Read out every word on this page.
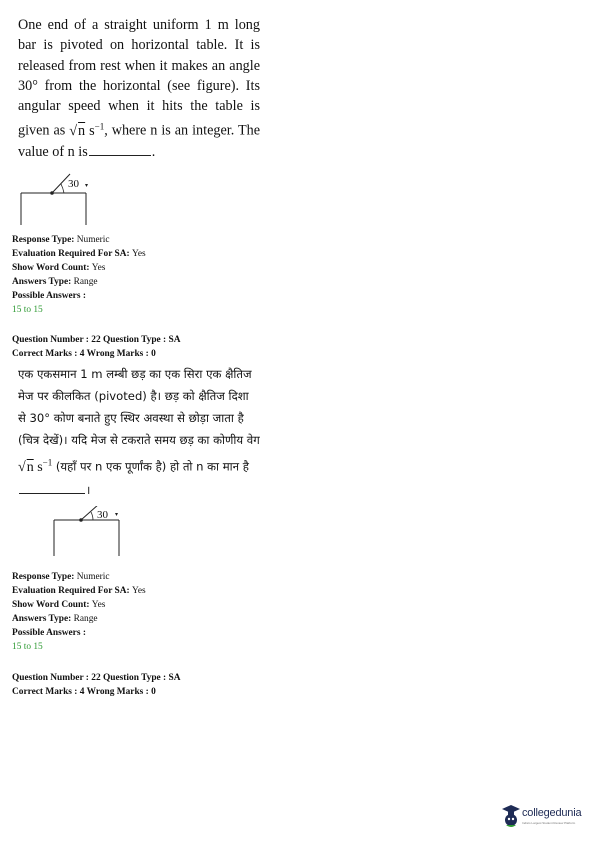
One end of a straight uniform 1 m long bar is pivoted on horizontal table. It is released from rest when it makes an angle 30° from the horizontal (see figure). Its angular speed when it hits the table is given as √n $s^{-1}$, where n is an integer. The value of n is	.

30
Response Type: Numeric
Evaluation Required For SA: Yes
Show Word Count: Yes
Answers Type: Range
Possible Answers :
15 to 15
Question Number : 22 Question Type : SA
Correct Marks : 4 Wrong Marks : 0

एक एकसमान 1 m लम्बी छड़ का एक सिरा एक क्षैतिज मेज पर कीलकित (pivoted) है। छड़ को क्षैतिज दिशा से 30° कोण बनाते हुए स्थिर अवस्था से छोड़ा जाता है (चित्र देखें)। यदि मेज से टकराते समय छड़ का कोणीय वेग √n $s^{-1}$ (यहाँ पर n एक पूर्णांक है) हो तो n का मान है ।

30
Response Type: Numeric
Evaluation Required For SA: Yes
Show Word Count: Yes
Answers Type: Range
Possible Answers :
15 to 15
Question Number : 22 Question Type : SA
Correct Marks : 4 Wrong Marks : 0
collegedunia
India's Largest Student Review Platform
